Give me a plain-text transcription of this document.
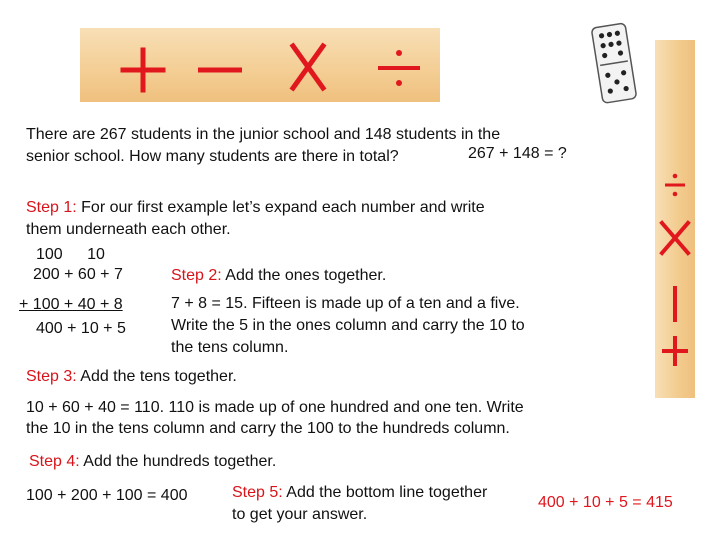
There are 267 students in the junior school and 148 students in the
senior school. How many students are there in total?	267 + 148 = ?
Step 1: For our first example let’s expand each number and write
them underneath each other.
100 10
200 + 60 + 7
+ 100 + 40 + 8
400 + 10 + 5
Step 2: Add the ones together.
7 + 8 = 15. Fifteen is made up of a ten and a five.
Write the 5 in the ones column and carry the 10 to
the tens column.
Step 3: Add the tens together.
10 + 60 + 40 = 110. 110 is made up of one hundred and one ten. Write
the 10 in the tens column and carry the 100 to the hundreds column.
Step 4: Add the hundreds together.
100 + 200 + 100 = 400	Step 5: Add the bottom line together
to get your answer.
400 + 10 + 5 = 415
